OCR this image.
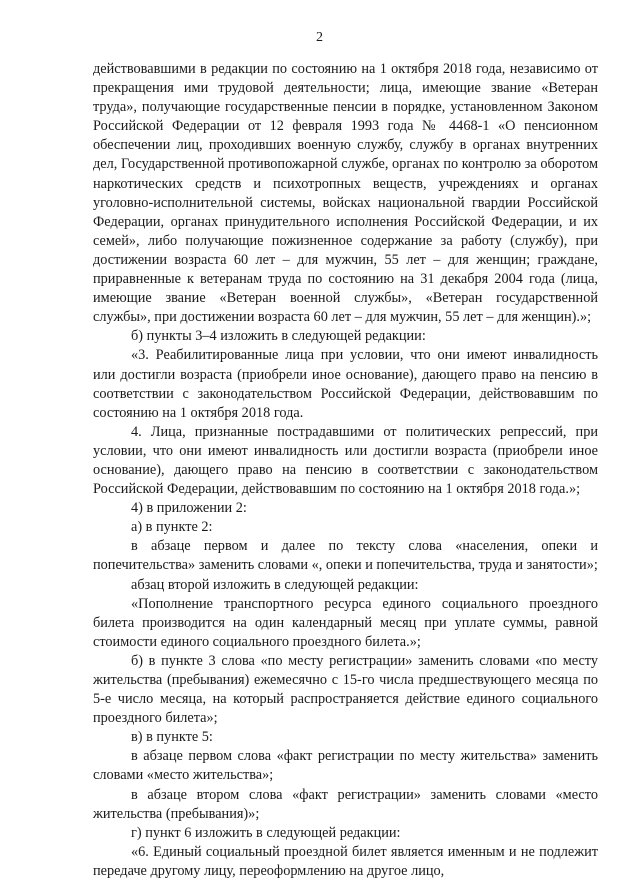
2

действовавшими в редакции по состоянию на 1 октября 2018 года, независимо от прекращения ими трудовой деятельности; лица, имеющие звание «Ветеран труда», получающие государственные пенсии в порядке, установленном Законом Российской Федерации от 12 февраля 1993 года № 4468-1 «О пенсионном обеспечении лиц, проходивших военную службу, службу в органах внутренних дел, Государственной противопожарной службе, органах по контролю за оборотом наркотических средств и психотропных веществ, учреждениях и органах уголовно-исполнительной системы, войсках национальной гвардии Российской Федерации, органах принудительного исполнения Российской Федерации, и их семей», либо получающие пожизненное содержание за работу (службу), при достижении возраста 60 лет – для мужчин, 55 лет – для женщин; граждане, приравненные к ветеранам труда по состоянию на 31 декабря 2004 года (лица, имеющие звание «Ветеран военной службы», «Ветеран государственной службы», при достижении возраста 60 лет – для мужчин, 55 лет – для женщин).»;

б) пункты 3–4 изложить в следующей редакции:

«3. Реабилитированные лица при условии, что они имеют инвалидность или достигли возраста (приобрели иное основание), дающего право на пенсию в соответствии с законодательством Российской Федерации, действовавшим по состоянию на 1 октября 2018 года.

4. Лица, признанные пострадавшими от политических репрессий, при условии, что они имеют инвалидность или достигли возраста (приобрели иное основание), дающего право на пенсию в соответствии с законодательством Российской Федерации, действовавшим по состоянию на 1 октября 2018 года.»;

4) в приложении 2:

а) в пункте 2:

в абзаце первом и далее по тексту слова «населения, опеки и попечительства» заменить словами «, опеки и попечительства, труда и занятости»;

абзац второй изложить в следующей редакции:

«Пополнение транспортного ресурса единого социального проездного билета производится на один календарный месяц при уплате суммы, равной стоимости единого социального проездного билета.»;

б) в пункте 3 слова «по месту регистрации» заменить словами «по месту жительства (пребывания) ежемесячно с 15-го числа предшествующего месяца по 5-е число месяца, на который распространяется действие единого социального проездного билета»;

в) в пункте 5:

в абзаце первом слова «факт регистрации по месту жительства» заменить словами «место жительства»;

в абзаце втором слова «факт регистрации» заменить словами «место жительства (пребывания)»;

г) пункт 6 изложить в следующей редакции:

«6. Единый социальный проездной билет является именным и не подлежит передаче другому лицу, переоформлению на другое лицо,
